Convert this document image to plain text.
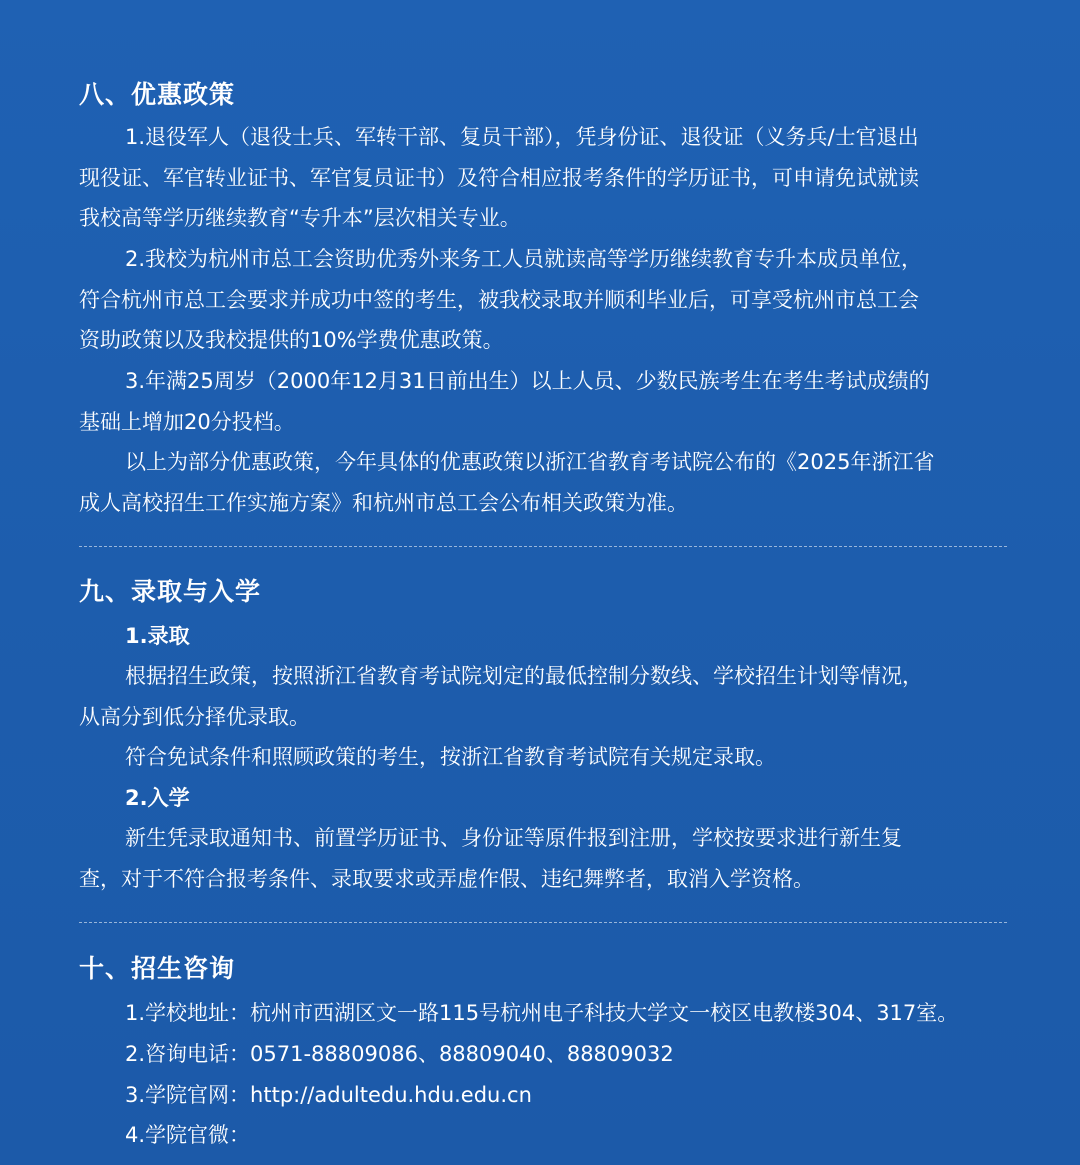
八、优惠政策
1.退役军人（退役士兵、军转干部、复员干部），凭身份证、退役证（义务兵/士官退出
现役证、军官转业证书、军官复员证书）及符合相应报考条件的学历证书，可申请免试就读
我校高等学历继续教育“专升本”层次相关专业。
2.我校为杭州市总工会资助优秀外来务工人员就读高等学历继续教育专升本成员单位，
符合杭州市总工会要求并成功中签的考生，被我校录取并顺利毕业后，可享受杭州市总工会
资助政策以及我校提供的10%学费优惠政策。
3.年满25周岁（2000年12月31日前出生）以上人员、少数民族考生在考生考试成绩的
基础上增加20分投档。
以上为部分优惠政策，今年具体的优惠政策以浙江省教育考试院公布的《2025年浙江省
成人高校招生工作实施方案》和杭州市总工会公布相关政策为准。
九、录取与入学
1.录取
根据招生政策，按照浙江省教育考试院划定的最低控制分数线、学校招生计划等情况，
从高分到低分择优录取。
符合免试条件和照顾政策的考生，按浙江省教育考试院有关规定录取。
2.入学
新生凭录取通知书、前置学历证书、身份证等原件报到注册，学校按要求进行新生复
查，对于不符合报考条件、录取要求或弄虚作假、违纪舞弊者，取消入学资格。
十、招生咨询
1.学校地址：杭州市西湖区文一路115号杭州电子科技大学文一校区电教楼304、317室。
2.咨询电话：0571-88809086、88809040、88809032
3.学院官网：http://adultedu.hdu.edu.cn
4.学院官微：
